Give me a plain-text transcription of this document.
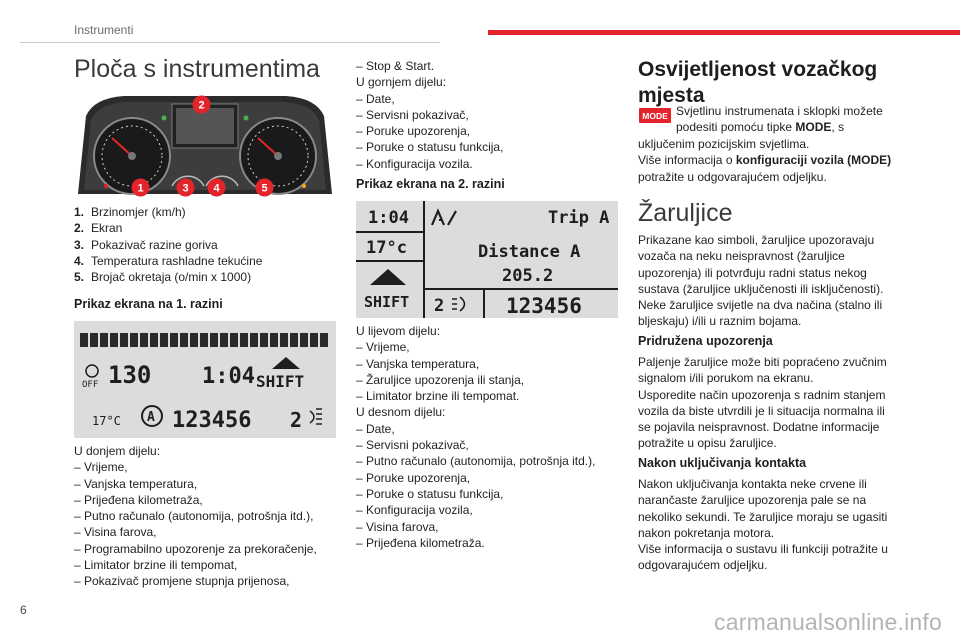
Instrumenti
Ploča s instrumentima
2
1	3 4	5
1. Brzinomjer (km/h)
2. Ekran
3. Pokazivač razine goriva
4. Temperatura rashladne tekućine
5. Brojač okretaja (o/min x 1000)
Prikaz ekrana na 1. razini
OFF 130 1:04 SHIFT
17°C A 123456 2
U donjem dijelu:
– Vrijeme,
– Vanjska temperatura,
– Prijeđena kilometraža,
– Putno računalo (autonomija, potrošnja itd.),
– Visina farova,
– Programabilno upozorenje za prekoračenje,
– Limitator brzine ili tempomat,
– Pokazivač promjene stupnja prijenosa,
– Stop & Start.
U gornjem dijelu:
– Date,
– Servisni pokazivač,
– Poruke upozorenja,
– Poruke o statusu funkcija,
– Konfiguracija vozila.
Prikaz ekrana na 2. razini
1:04
17°c
SHIFT
Trip A
Distance A
205.2
2	123456
U lijevom dijelu:
– Vrijeme,
– Vanjska temperatura,
– Žaruljice upozorenja ili stanja,
– Limitator brzine ili tempomat.
U desnom dijelu:
– Date,
– Servisni pokazivač,
– Putno računalo (autonomija, potrošnja itd.),
– Poruke upozorenja,
– Poruke o statusu funkcija,
– Konfiguracija vozila,
– Visina farova,
– Prijeđena kilometraža.
Osvijetljenost vozačkog mjesta
MODE Svjetlinu instrumenata i sklopki možete
podesiti pomoću tipke MODE, s
uključenim pozicijskim svjetlima.
Više informacija o konfiguraciji vozila (MODE)
potražite u odgovarajućem odjeljku.
Žaruljice
Prikazane kao simboli, žaruljice upozoravaju
vozača na neku neispravnost (žaruljice
upozorenja) ili potvrđuju radni status nekog
sustava (žaruljice uključenosti ili isključenosti).
Neke žaruljice svijetle na dva načina (stalno ili
bljeskaju) i/ili u raznim bojama.
Pridružena upozorenja
Paljenje žaruljice može biti popraćeno zvučnim
signalom i/ili porukom na ekranu.
Usporedite način upozorenja s radnim stanjem
vozila da biste utvrdili je li situacija normalna ili
se pojavila neispravnost. Dodatne informacije
potražite u opisu žaruljice.
Nakon uključivanja kontakta
Nakon uključivanja kontakta neke crvene ili
narančaste žaruljice upozorenja pale se na
nekoliko sekundi. Te žaruljice moraju se ugasiti
nakon pokretanja motora.
Više informacija o sustavu ili funkciji potražite u
odgovarajućem odjeljku.
6	carmanualsonline.info
